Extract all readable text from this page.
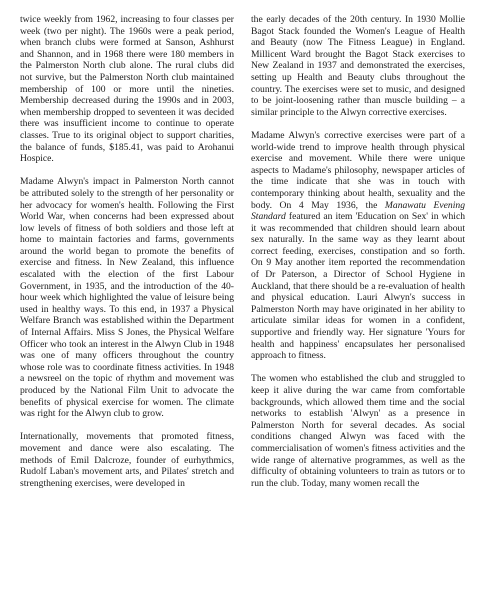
twice weekly from 1962, increasing to four classes per week (two per night). The 1960s were a peak period, when branch clubs were formed at Sanson, Ashhurst and Shannon, and in 1968 there were 180 members in the Palmerston North club alone. The rural clubs did not survive, but the Palmerston North club maintained membership of 100 or more until the nineties. Membership decreased during the 1990s and in 2003, when membership dropped to seventeen it was decided there was insufficient income to continue to operate classes. True to its original object to support charities, the balance of funds, $185.41, was paid to Arohanui Hospice.

Madame Alwyn's impact in Palmerston North cannot be attributed solely to the strength of her personality or her advocacy for women's health. Following the First World War, when concerns had been expressed about low levels of fitness of both soldiers and those left at home to maintain factories and farms, governments around the world began to promote the benefits of exercise and fitness. In New Zealand, this influence escalated with the election of the first Labour Government, in 1935, and the introduction of the 40-hour week which highlighted the value of leisure being used in healthy ways. To this end, in 1937 a Physical Welfare Branch was established within the Department of Internal Affairs. Miss S Jones, the Physical Welfare Officer who took an interest in the Alwyn Club in 1948 was one of many officers throughout the country whose role was to coordinate fitness activities. In 1948 a newsreel on the topic of rhythm and movement was produced by the National Film Unit to advocate the benefits of physical exercise for women. The climate was right for the Alwyn club to grow.

Internationally, movements that promoted fitness, movement and dance were also escalating. The methods of Emil Dalcroze, founder of eurhythmics, Rudolf Laban's movement arts, and Pilates' stretch and strengthening exercises, were developed in

the early decades of the 20th century. In 1930 Mollie Bagot Stack founded the Women's League of Health and Beauty (now The Fitness League) in England. Millicent Ward brought the Bagot Stack exercises to New Zealand in 1937 and demonstrated the exercises, setting up Health and Beauty clubs throughout the country. The exercises were set to music, and designed to be joint-loosening rather than muscle building – a similar principle to the Alwyn corrective exercises.

Madame Alwyn's corrective exercises were part of a world-wide trend to improve health through physical exercise and movement. While there were unique aspects to Madame's philosophy, newspaper articles of the time indicate that she was in touch with contemporary thinking about health, sexuality and the body. On 4 May 1936, the Manawatu Evening Standard featured an item 'Education on Sex' in which it was recommended that children should learn about sex naturally. In the same way as they learnt about correct feeding, exercises, constipation and so forth. On 9 May another item reported the recommendation of Dr Paterson, a Director of School Hygiene in Auckland, that there should be a re-evaluation of health and physical education. Lauri Alwyn's success in Palmerston North may have originated in her ability to articulate similar ideas for women in a confident, supportive and friendly way. Her signature 'Yours for health and happiness' encapsulates her personalised approach to fitness.

The women who established the club and struggled to keep it alive during the war came from comfortable backgrounds, which allowed them time and the social networks to establish 'Alwyn' as a presence in Palmerston North for several decades. As social conditions changed Alwyn was faced with the commercialisation of women's fitness activities and the wide range of alternative programmes, as well as the difficulty of obtaining volunteers to train as tutors or to run the club. Today, many women recall the
